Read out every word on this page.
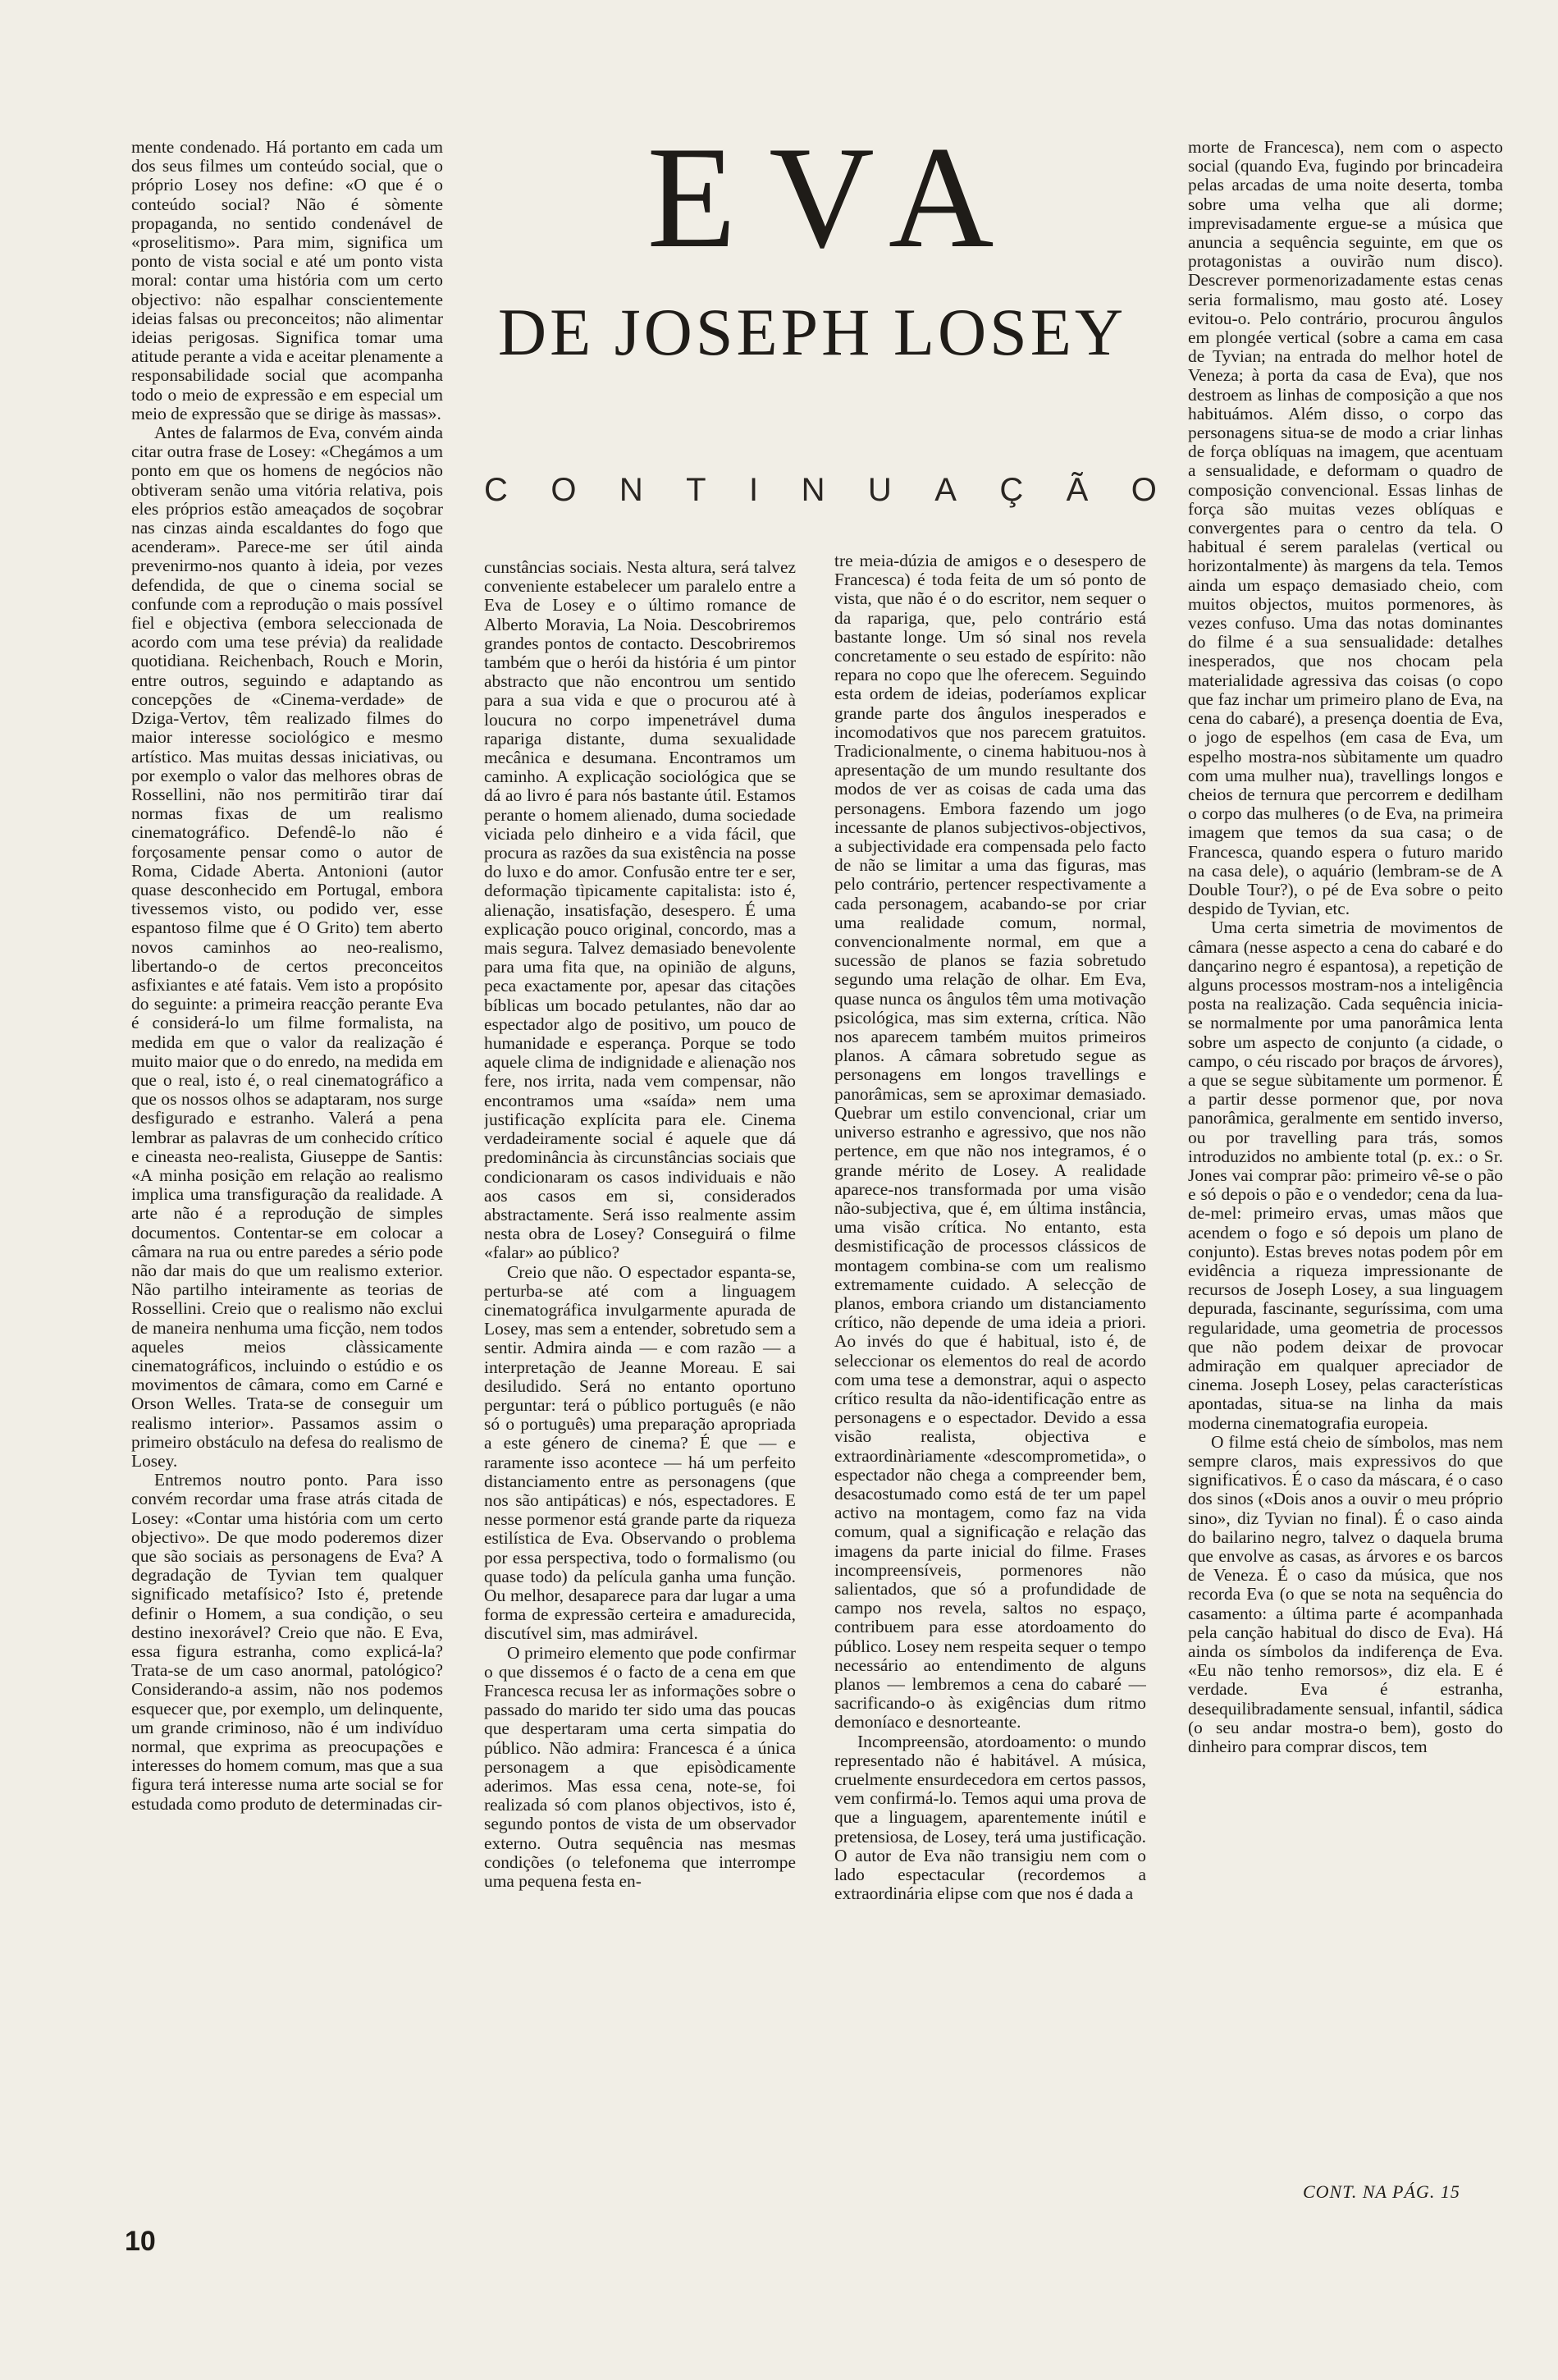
EVA
DE JOSEPH LOSEY
C O N T I N U A Ç Ã O

mente condenado. Há portanto em cada um dos seus filmes um conteúdo social, que o próprio Losey nos define: «O que é o conteúdo social? Não é sòmente propaganda, no sentido condenável de «proselitismo». Para mim, significa um ponto de vista social e até um ponto vista moral: contar uma história com um certo objectivo: não espalhar conscientemente ideias falsas ou preconceitos; não alimentar ideias perigosas. Significa tomar uma atitude perante a vida e aceitar plenamente a responsabilidade social que acompanha todo o meio de expressão e em especial um meio de expressão que se dirige às massas».

Antes de falarmos de Eva, convém ainda citar outra frase de Losey: «Chegámos a um ponto em que os homens de negócios não obtiveram senão uma vitória relativa, pois eles próprios estão ameaçados de soçobrar nas cinzas ainda escaldantes do fogo que acenderam». Parece-me ser útil ainda prevenirmo-nos quanto à ideia, por vezes defendida, de que o cinema social se confunde com a reprodução o mais possível fiel e objectiva (embora seleccionada de acordo com uma tese prévia) da realidade quotidiana. Reichenbach, Rouch e Morin, entre outros, seguindo e adaptando as concepções de «Cinema-verdade» de Dziga-Vertov, têm realizado filmes do maior interesse sociológico e mesmo artístico. Mas muitas dessas iniciativas, ou por exemplo o valor das melhores obras de Rossellini, não nos permitirão tirar daí normas fixas de um realismo cinematográfico. Defendê-lo não é forçosamente pensar como o autor de Roma, Cidade Aberta. Antonioni (autor quase desconhecido em Portugal, embora tivessemos visto, ou podido ver, esse espantoso filme que é O Grito) tem aberto novos caminhos ao neo-realismo, libertando-o de certos preconceitos asfixiantes e até fatais. Vem isto a propósito do seguinte: a primeira reacção perante Eva é considerá-lo um filme formalista, na medida em que o valor da realização é muito maior que o do enredo, na medida em que o real, isto é, o real cinematográfico a que os nossos olhos se adaptaram, nos surge desfigurado e estranho. Valerá a pena lembrar as palavras de um conhecido crítico e cineasta neo-realista, Giuseppe de Santis: «A minha posição em relação ao realismo implica uma transfiguração da realidade. A arte não é a reprodução de simples documentos. Contentar-se em colocar a câmara na rua ou entre paredes a sério pode não dar mais do que um realismo exterior. Não partilho inteiramente as teorias de Rossellini. Creio que o realismo não exclui de maneira nenhuma uma ficção, nem todos aqueles meios clàssicamente cinematográficos, incluindo o estúdio e os movimentos de câmara, como em Carné e Orson Welles. Trata-se de conseguir um realismo interior». Passamos assim o primeiro obstáculo na defesa do realismo de Losey.

Entremos noutro ponto. Para isso convém recordar uma frase atrás citada de Losey: «Contar uma história com um certo objectivo». De que modo poderemos dizer que são sociais as personagens de Eva? A degradação de Tyvian tem qualquer significado metafísico? Isto é, pretende definir o Homem, a sua condição, o seu destino inexorável? Creio que não. E Eva, essa figura estranha, como explicá-la? Trata-se de um caso anormal, patológico? Considerando-a assim, não nos podemos esquecer que, por exemplo, um delinquente, um grande criminoso, não é um indivíduo normal, que exprima as preocupações e interesses do homem comum, mas que a sua figura terá interesse numa arte social se for estudada como produto de determinadas cir-

cunstâncias sociais. Nesta altura, será talvez conveniente estabelecer um paralelo entre a Eva de Losey e o último romance de Alberto Moravia, La Noia. Descobriremos grandes pontos de contacto. Descobriremos também que o herói da história é um pintor abstracto que não encontrou um sentido para a sua vida e que o procurou até à loucura no corpo impenetrável duma rapariga distante, duma sexualidade mecânica e desumana. Encontramos um caminho. A explicação sociológica que se dá ao livro é para nós bastante útil. Estamos perante o homem alienado, duma sociedade viciada pelo dinheiro e a vida fácil, que procura as razões da sua existência na posse do luxo e do amor. Confusão entre ter e ser, deformação tìpicamente capitalista: isto é, alienação, insatisfação, desespero. É uma explicação pouco original, concordo, mas a mais segura. Talvez demasiado benevolente para uma fita que, na opinião de alguns, peca exactamente por, apesar das citações bíblicas um bocado petulantes, não dar ao espectador algo de positivo, um pouco de humanidade e esperança. Porque se todo aquele clima de indignidade e alienação nos fere, nos irrita, nada vem compensar, não encontramos uma «saída» nem uma justificação explícita para ele. Cinema verdadeiramente social é aquele que dá predominância às circunstâncias sociais que condicionaram os casos individuais e não aos casos em si, considerados abstractamente. Será isso realmente assim nesta obra de Losey? Conseguirá o filme «falar» ao público?

Creio que não. O espectador espanta-se, perturba-se até com a linguagem cinematográfica invulgarmente apurada de Losey, mas sem a entender, sobretudo sem a sentir. Admira ainda — e com razão — a interpretação de Jeanne Moreau. E sai desiludido. Será no entanto oportuno perguntar: terá o público português (e não só o português) uma preparação apropriada a este género de cinema? É que — e raramente isso acontece — há um perfeito distanciamento entre as personagens (que nos são antipáticas) e nós, espectadores. E nesse pormenor está grande parte da riqueza estilística de Eva. Observando o problema por essa perspectiva, todo o formalismo (ou quase todo) da película ganha uma função. Ou melhor, desaparece para dar lugar a uma forma de expressão certeira e amadurecida, discutível sim, mas admirável.

O primeiro elemento que pode confirmar o que dissemos é o facto de a cena em que Francesca recusa ler as informações sobre o passado do marido ter sido uma das poucas que despertaram uma certa simpatia do público. Não admira: Francesca é a única personagem a que episòdicamente aderimos. Mas essa cena, note-se, foi realizada só com planos objectivos, isto é, segundo pontos de vista de um observador externo. Outra sequência nas mesmas condições (o telefonema que interrompe uma pequena festa en-

tre meia-dúzia de amigos e o desespero de Francesca) é toda feita de um só ponto de vista, que não é o do escritor, nem sequer o da rapariga, que, pelo contrário está bastante longe. Um só sinal nos revela concretamente o seu estado de espírito: não repara no copo que lhe oferecem. Seguindo esta ordem de ideias, poderíamos explicar grande parte dos ângulos inesperados e incomodativos que nos parecem gratuitos. Tradicionalmente, o cinema habituou-nos à apresentação de um mundo resultante dos modos de ver as coisas de cada uma das personagens. Embora fazendo um jogo incessante de planos subjectivos-objectivos, a subjectividade era compensada pelo facto de não se limitar a uma das figuras, mas pelo contrário, pertencer respectivamente a cada personagem, acabando-se por criar uma realidade comum, normal, convencionalmente normal, em que a sucessão de planos se fazia sobretudo segundo uma relação de olhar. Em Eva, quase nunca os ângulos têm uma motivação psicológica, mas sim externa, crítica. Não nos aparecem também muitos primeiros planos. A câmara sobretudo segue as personagens em longos travellings e panorâmicas, sem se aproximar demasiado. Quebrar um estilo convencional, criar um universo estranho e agressivo, que nos não pertence, em que não nos integramos, é o grande mérito de Losey. A realidade aparece-nos transformada por uma visão não-subjectiva, que é, em última instância, uma visão crítica. No entanto, esta desmistificação de processos clássicos de montagem combina-se com um realismo extremamente cuidado. A selecção de planos, embora criando um distanciamento crítico, não depende de uma ideia a priori. Ao invés do que é habitual, isto é, de seleccionar os elementos do real de acordo com uma tese a demonstrar, aqui o aspecto crítico resulta da não-identificação entre as personagens e o espectador. Devido a essa visão realista, objectiva e extraordinàriamente «descomprometida», o espectador não chega a compreender bem, desacostumado como está de ter um papel activo na montagem, como faz na vida comum, qual a significação e relação das imagens da parte inicial do filme. Frases incompreensíveis, pormenores não salientados, que só a profundidade de campo nos revela, saltos no espaço, contribuem para esse atordoamento do público. Losey nem respeita sequer o tempo necessário ao entendimento de alguns planos — lembremos a cena do cabaré — sacrificando-o às exigências dum ritmo demoníaco e desnorteante.

Incompreensão, atordoamento: o mundo representado não é habitável. A música, cruelmente ensurdecedora em certos passos, vem confirmá-lo. Temos aqui uma prova de que a linguagem, aparentemente inútil e pretensiosa, de Losey, terá uma justificação. O autor de Eva não transigiu nem com o lado espectacular (recordemos a extraordinária elipse com que nos é dada a

morte de Francesca), nem com o aspecto social (quando Eva, fugindo por brincadeira pelas arcadas de uma noite deserta, tomba sobre uma velha que ali dorme; imprevisadamente ergue-se a música que anuncia a sequência seguinte, em que os protagonistas a ouvirão num disco). Descrever pormenorizadamente estas cenas seria formalismo, mau gosto até. Losey evitou-o. Pelo contrário, procurou ângulos em plongée vertical (sobre a cama em casa de Tyvian; na entrada do melhor hotel de Veneza; à porta da casa de Eva), que nos destroem as linhas de composição a que nos habituámos. Além disso, o corpo das personagens situa-se de modo a criar linhas de força oblíquas na imagem, que acentuam a sensualidade, e deformam o quadro de composição convencional. Essas linhas de força são muitas vezes oblíquas e convergentes para o centro da tela. O habitual é serem paralelas (vertical ou horizontalmente) às margens da tela. Temos ainda um espaço demasiado cheio, com muitos objectos, muitos pormenores, às vezes confuso. Uma das notas dominantes do filme é a sua sensualidade: detalhes inesperados, que nos chocam pela materialidade agressiva das coisas (o copo que faz inchar um primeiro plano de Eva, na cena do cabaré), a presença doentia de Eva, o jogo de espelhos (em casa de Eva, um espelho mostra-nos sùbitamente um quadro com uma mulher nua), travellings longos e cheios de ternura que percorrem e dedilham o corpo das mulheres (o de Eva, na primeira imagem que temos da sua casa; o de Francesca, quando espera o futuro marido na casa dele), o aquário (lembram-se de A Double Tour?), o pé de Eva sobre o peito despido de Tyvian, etc.

Uma certa simetria de movimentos de câmara (nesse aspecto a cena do cabaré e do dançarino negro é espantosa), a repetição de alguns processos mostram-nos a inteligência posta na realização. Cada sequência inicia-se normalmente por uma panorâmica lenta sobre um aspecto de conjunto (a cidade, o campo, o céu riscado por braços de árvores), a que se segue sùbitamente um pormenor. É a partir desse pormenor que, por nova panorâmica, geralmente em sentido inverso, ou por travelling para trás, somos introduzidos no ambiente total (p. ex.: o Sr. Jones vai comprar pão: primeiro vê-se o pão e só depois o pão e o vendedor; cena da lua-de-mel: primeiro ervas, umas mãos que acendem o fogo e só depois um plano de conjunto). Estas breves notas podem pôr em evidência a riqueza impressionante de recursos de Joseph Losey, a sua linguagem depurada, fascinante, seguríssima, com uma regularidade, uma geometria de processos que não podem deixar de provocar admiração em qualquer apreciador de cinema. Joseph Losey, pelas características apontadas, situa-se na linha da mais moderna cinematografia europeia.

O filme está cheio de símbolos, mas nem sempre claros, mais expressivos do que significativos. É o caso da máscara, é o caso dos sinos («Dois anos a ouvir o meu próprio sino», diz Tyvian no final). É o caso ainda do bailarino negro, talvez o daquela bruma que envolve as casas, as árvores e os barcos de Veneza. É o caso da música, que nos recorda Eva (o que se nota na sequência do casamento: a última parte é acompanhada pela canção habitual do disco de Eva). Há ainda os símbolos da indiferença de Eva. «Eu não tenho remorsos», diz ela. E é verdade. Eva é estranha, desequilibradamente sensual, infantil, sádica (o seu andar mostra-o bem), gosto do dinheiro para comprar discos, tem

CONT. NA PÁG. 15
10
